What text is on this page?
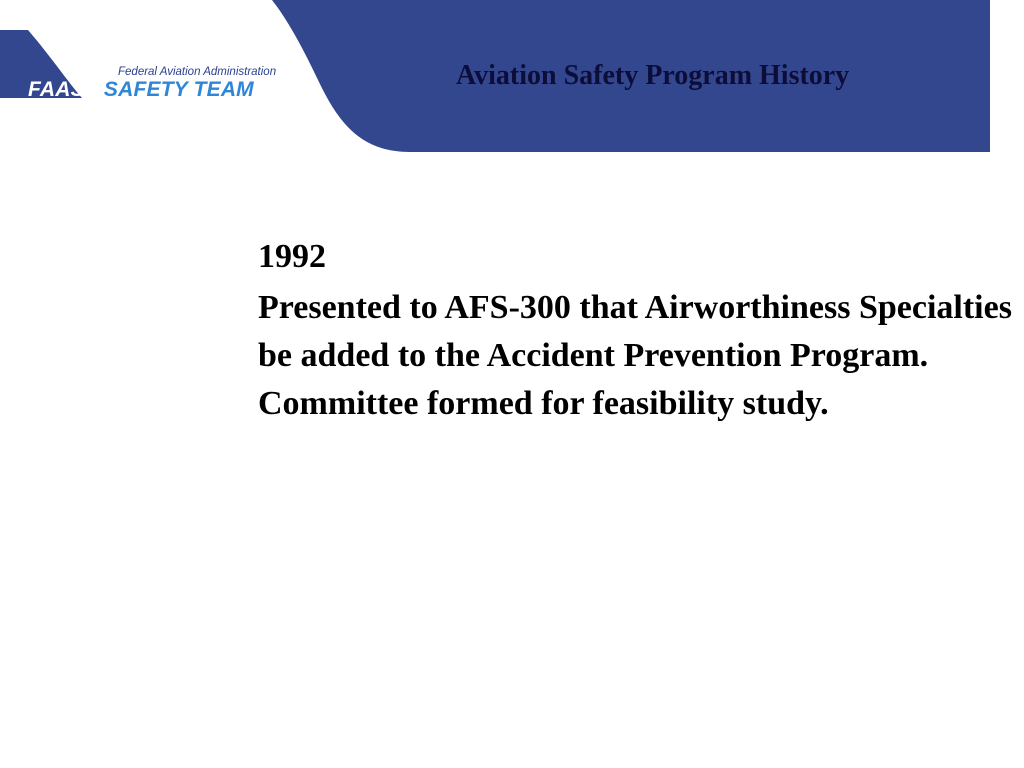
Federal Aviation Administration
FAAST SAFETY TEAM	Aviation Safety Program History

1992

Presented to AFS-300 that Airworthiness Specialties be added to the Accident Prevention Program. Committee formed for feasibility study.
